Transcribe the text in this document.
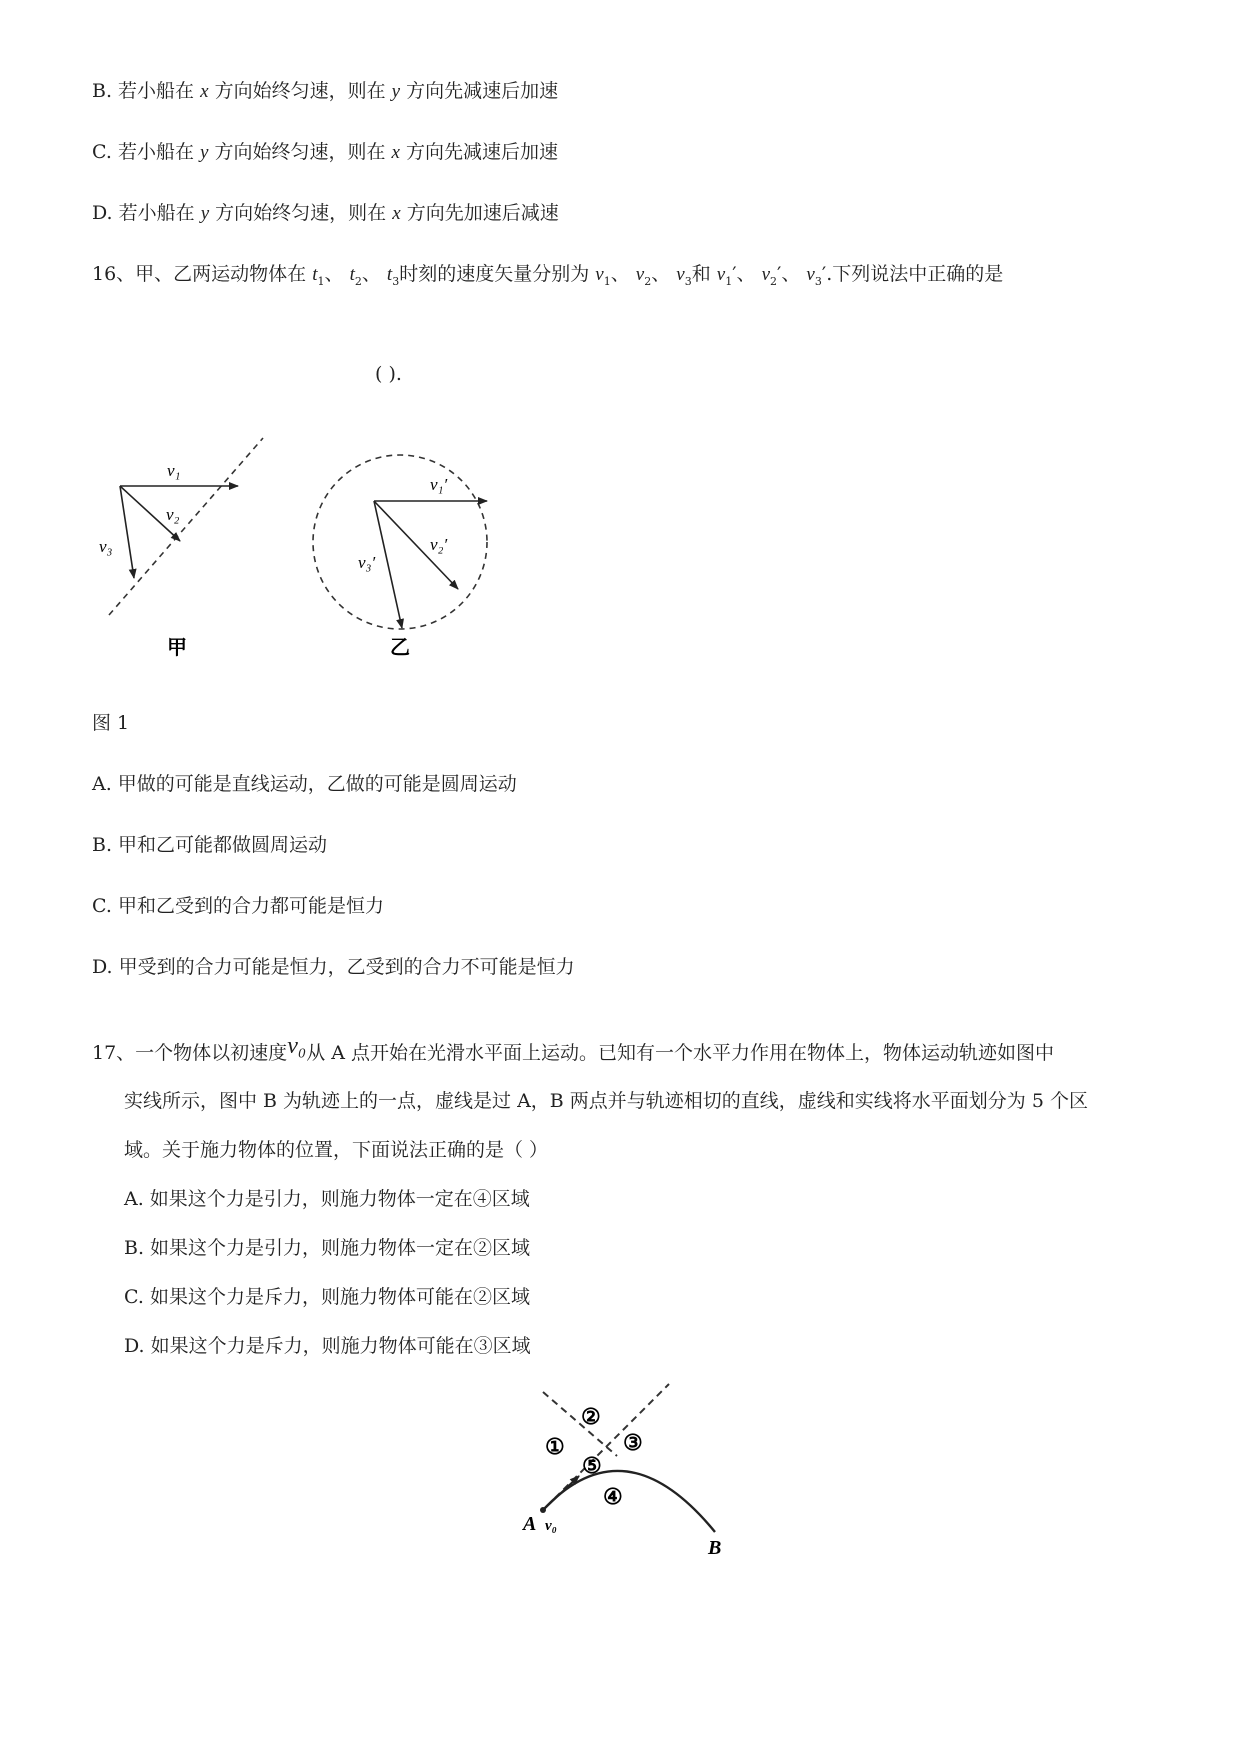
B. 若小船在 x 方向始终匀速，则在 y 方向先减速后加速
C. 若小船在 y 方向始终匀速，则在 x 方向先减速后加速
D. 若小船在 y 方向始终匀速，则在 x 方向先加速后减速
16、甲、乙两运动物体在 $t_1$、 $t_2$、 $t_3$时刻的速度矢量分别为 $v_1$、 $v_2$、 $v_3$和 $v_1'$、 $v_2'$、 $v_3'$.下列说法中正确的是
( ).
v₁
v₂
v₃
甲
v₁′
v₂′
v₃′
乙
图 1
A. 甲做的可能是直线运动，乙做的可能是圆周运动
B. 甲和乙可能都做圆周运动
C. 甲和乙受到的合力都可能是恒力
D. 甲受到的合力可能是恒力，乙受到的合力不可能是恒力
17、一个物体以初速度v₀从 A 点开始在光滑水平面上运动。已知有一个水平力作用在物体上，物体运动轨迹如图中
实线所示，图中 B 为轨迹上的一点，虚线是过 A，B 两点并与轨迹相切的直线，虚线和实线将水平面划分为 5 个区
域。关于施力物体的位置，下面说法正确的是（ ）
A. 如果这个力是引力，则施力物体一定在④区域
B. 如果这个力是引力，则施力物体一定在②区域
C. 如果这个力是斥力，则施力物体可能在②区域
D. 如果这个力是斥力，则施力物体可能在③区域
②
①	③
⑤
④
A v₀
B
